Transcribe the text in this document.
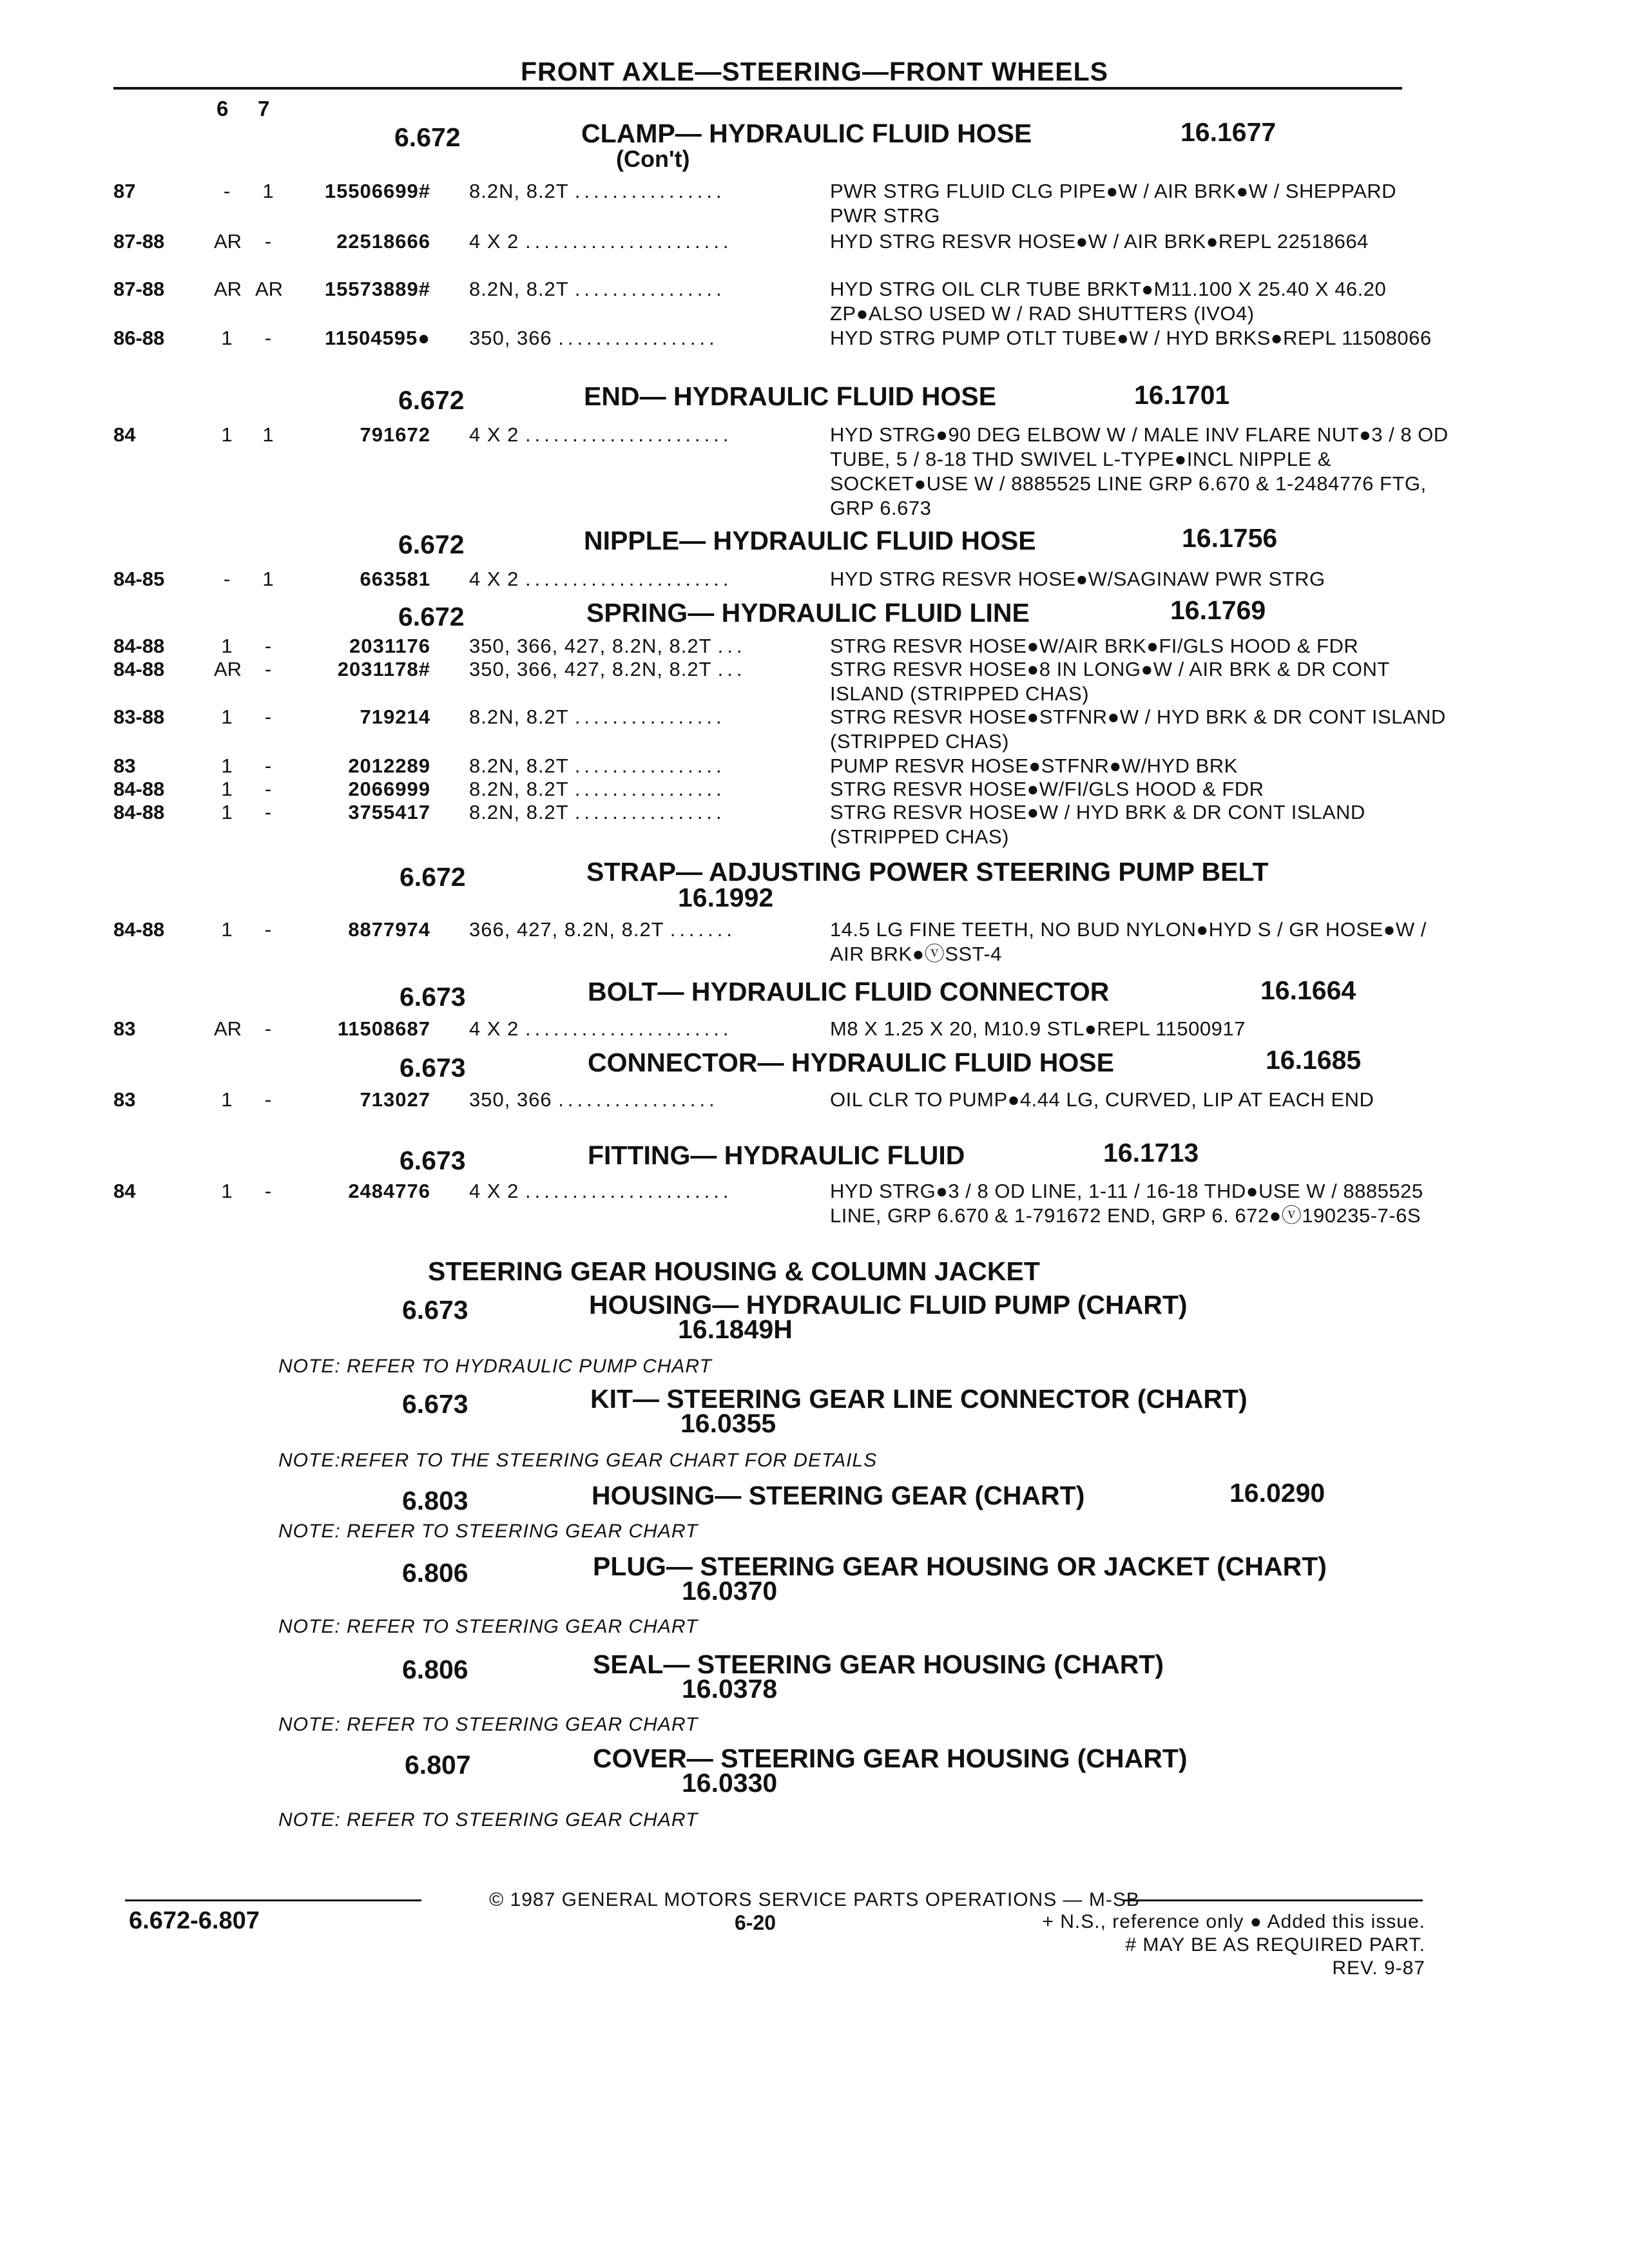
FRONT AXLE—STEERING—FRONT WHEELS
6 7
6.672	CLAMP— HYDRAULIC FLUID HOSE
(Con't)
16.1677
87	-	1	15506699# 8.2N, 8.2T ................	PWR STRG FLUID CLG PIPE●W / AIR BRK●W / SHEPPARD PWR STRG
87-88 AR	-	22518666 4 X 2 ......................	HYD STRG RESVR HOSE●W / AIR BRK●REPL 22518664
87-88 AR AR	15573889# 8.2N, 8.2T ................	HYD STRG OIL CLR TUBE BRKT●M11.100 X 25.40 X 46.20 ZP●ALSO USED W / RAD SHUTTERS (IVO4)
86-88	1	-	11504595● 350, 366 .................	HYD STRG PUMP OTLT TUBE●W / HYD BRKS●REPL 11508066
6.672	END— HYDRAULIC FLUID HOSE	16.1701
84	1	1	791672 4 X 2 ......................	HYD STRG●90 DEG ELBOW W / MALE INV FLARE NUT●3 / 8 OD TUBE, 5 / 8-18 THD SWIVEL L-TYPE●INCL NIPPLE & SOCKET●USE W / 8885525 LINE GRP 6.670 & 1-2484776 FTG, GRP 6.673
6.672	NIPPLE— HYDRAULIC FLUID HOSE	16.1756
84-85	-	1	663581 4 X 2 ......................	HYD STRG RESVR HOSE●W/SAGINAW PWR STRG
6.672	SPRING— HYDRAULIC FLUID LINE	16.1769
84-88	1	-	2031176 350, 366, 427, 8.2N, 8.2T ...	STRG RESVR HOSE●W/AIR BRK●FI/GLS HOOD & FDR
84-88 AR	-	2031178# 350, 366, 427, 8.2N, 8.2T ...	STRG RESVR HOSE●8 IN LONG●W / AIR BRK & DR CONT ISLAND (STRIPPED CHAS)
83-88	1	-	719214 8.2N, 8.2T ................	STRG RESVR HOSE●STFNR●W / HYD BRK & DR CONT ISLAND (STRIPPED CHAS)
83	1	-	2012289 8.2N, 8.2T ................	PUMP RESVR HOSE●STFNR●W/HYD BRK
84-88	1	-	2066999 8.2N, 8.2T ................	STRG RESVR HOSE●W/FI/GLS HOOD & FDR
84-88	1	-	3755417 8.2N, 8.2T ................	STRG RESVR HOSE●W / HYD BRK & DR CONT ISLAND (STRIPPED CHAS)
6.672	STRAP— ADJUSTING POWER STEERING PUMP BELT
16.1992
84-88	1	-	8877974 366, 427, 8.2N, 8.2T .......	14.5 LG FINE TEETH, NO BUD NYLON●HYD S / GR HOSE●W / AIR BRK●ⓥSST-4
6.673	BOLT— HYDRAULIC FLUID CONNECTOR	16.1664
83	AR	-	11508687 4 X 2 ......................	M8 X 1.25 X 20, M10.9 STL●REPL 11500917
6.673	CONNECTOR— HYDRAULIC FLUID HOSE	16.1685
83	1	-	713027 350, 366 .................	OIL CLR TO PUMP●4.44 LG, CURVED, LIP AT EACH END
6.673	FITTING— HYDRAULIC FLUID	16.1713
84	1	-	2484776 4 X 2 ......................	HYD STRG●3 / 8 OD LINE, 1-11 / 16-18 THD●USE W / 8885525 LINE, GRP 6.670 & 1-791672 END, GRP 6. 672●ⓥ190235-7-6S
STEERING GEAR HOUSING & COLUMN JACKET
6.673	HOUSING— HYDRAULIC FLUID PUMP (CHART)
16.1849H
NOTE: REFER TO HYDRAULIC PUMP CHART
6.673	KIT— STEERING GEAR LINE CONNECTOR (CHART)
16.0355
NOTE:REFER TO THE STEERING GEAR CHART FOR DETAILS
6.803	HOUSING— STEERING GEAR (CHART)	16.0290
NOTE: REFER TO STEERING GEAR CHART
6.806	PLUG— STEERING GEAR HOUSING OR JACKET (CHART)
16.0370
NOTE: REFER TO STEERING GEAR CHART
6.806	SEAL— STEERING GEAR HOUSING (CHART)
16.0378
NOTE: REFER TO STEERING GEAR CHART
6.807	COVER— STEERING GEAR HOUSING (CHART)
16.0330
NOTE: REFER TO STEERING GEAR CHART
© 1987 GENERAL MOTORS SERVICE PARTS OPERATIONS — M-SB
6.672-6.807	6-20	+ N.S., reference only ● Added this issue.
# MAY BE AS REQUIRED PART.
REV. 9-87
